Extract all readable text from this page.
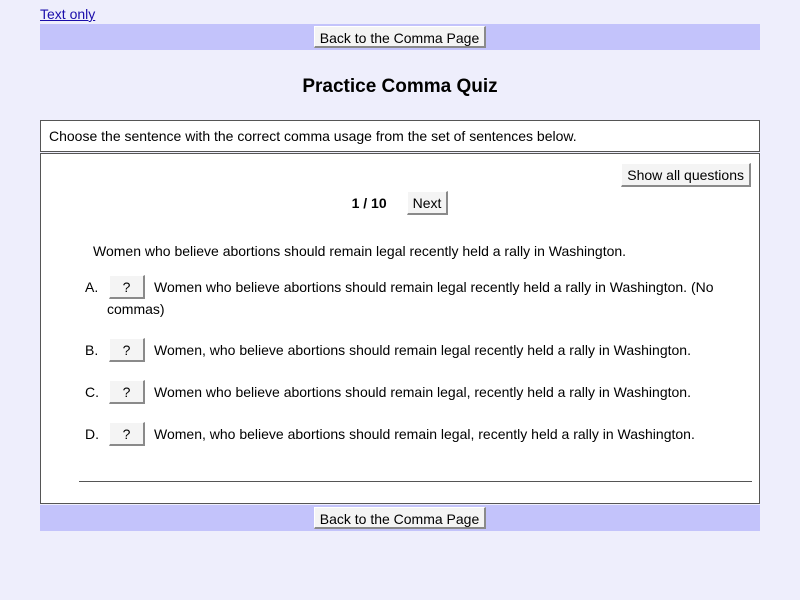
Text only
Back to the Comma Page
Practice Comma Quiz
Choose the sentence with the correct comma usage from the set of sentences below.
Show all questions
1 / 10	Next
Women who believe abortions should remain legal recently held a rally in Washington.
A.	?	Women who believe abortions should remain legal recently held a rally in Washington. (No
commas)
B.	?	Women, who believe abortions should remain legal recently held a rally in Washington.
C.	?	Women who believe abortions should remain legal, recently held a rally in Washington.
D.	?	Women, who believe abortions should remain legal, recently held a rally in Washington.
Back to the Comma Page
